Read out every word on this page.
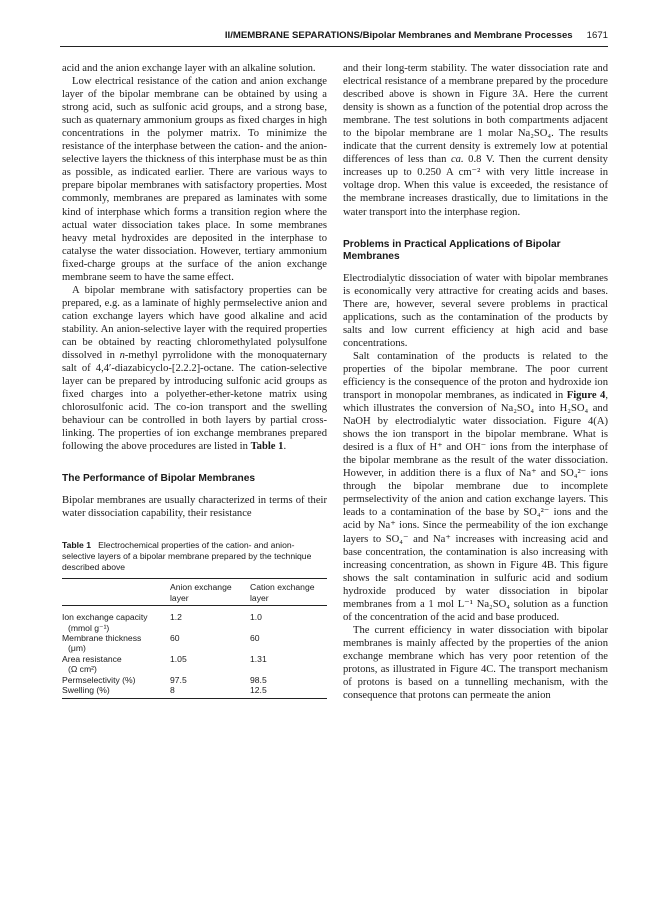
II/MEMBRANE SEPARATIONS/Bipolar Membranes and Membrane Processes 1671

acid and the anion exchange layer with an alkaline solution.

Low electrical resistance of the cation and anion exchange layer of the bipolar membrane can be obtained by using a strong acid, such as sulfonic acid groups, and a strong base, such as quaternary ammonium groups as fixed charges in high concentrations in the polymer matrix. To minimize the resistance of the interphase between the cation- and the anion-selective layers the thickness of this interphase must be as thin as possible, as indicated earlier. There are various ways to prepare bipolar membranes with satisfactory properties. Most commonly, membranes are prepared as laminates with some kind of interphase which forms a transition region where the actual water dissociation takes place. In some membranes heavy metal hydroxides are deposited in the interphase to catalyse the water dissociation. However, tertiary ammonium fixed-charge groups at the surface of the anion exchange membrane seem to have the same effect.

A bipolar membrane with satisfactory properties can be prepared, e.g. as a laminate of highly permselective anion and cation exchange layers which have good alkaline and acid stability. An anion-selective layer with the required properties can be obtained by reacting chloromethylated polysulfone dissolved in n-methyl pyrrolidone with the monoquaternary salt of 4,4′-diazabicyclo-[2.2.2]-octane. The cation-selective layer can be prepared by introducing sulfonic acid groups as fixed charges into a polyether-ether-ketone matrix using chlorosulfonic acid. The co-ion transport and the swelling behaviour can be controlled in both layers by partial cross-linking. The properties of ion exchange membranes prepared following the above procedures are listed in Table 1.

The Performance of Bipolar Membranes

Bipolar membranes are usually characterized in terms of their water dissociation capability, their resistance

Table 1 Electrochemical properties of the cation- and anion-selective layers of a bipolar membrane prepared by the technique described above
	Anion exchange layer	Cation exchange layer
Ion exchange capacity
(mmol g⁻¹)	1.2	1.0
Membrane thickness
(μm)	60	60
Area resistance
(Ω cm²)	1.05	1.31
Permselectivity (%)	97.5	98.5
Swelling (%)	8	12.5

and their long-term stability. The water dissociation rate and electrical resistance of a membrane prepared by the procedure described above is shown in Figure 3A. Here the current density is shown as a function of the potential drop across the membrane. The test solutions in both compartments adjacent to the bipolar membrane are 1 molar Na₂SO₄. The results indicate that the current density is extremely low at potential differences of less than ca. 0.8 V. Then the current density increases up to 0.250 A cm⁻² with very little increase in voltage drop. When this value is exceeded, the resistance of the membrane increases drastically, due to limitations in the water transport into the interphase region.

Problems in Practical Applications of Bipolar Membranes

Electrodialytic dissociation of water with bipolar membranes is economically very attractive for creating acids and bases. There are, however, several severe problems in practical applications, such as the contamination of the products by salts and low current efficiency at high acid and base concentrations.

Salt contamination of the products is related to the properties of the bipolar membrane. The poor current efficiency is the consequence of the proton and hydroxide ion transport in monopolar membranes, as indicated in Figure 4, which illustrates the conversion of Na₂SO₄ into H₂SO₄ and NaOH by electrodialytic water dissociation. Figure 4(A) shows the ion transport in the bipolar membrane. What is desired is a flux of H⁺ and OH⁻ ions from the interphase of the bipolar membrane as the result of the water dissociation. However, in addition there is a flux of Na⁺ and SO₄²⁻ ions through the bipolar membrane due to incomplete permselectivity of the anion and cation exchange layers. This leads to a contamination of the base by SO₄²⁻ ions and the acid by Na⁺ ions. Since the permeability of the ion exchange layers to SO₄⁻ and Na⁺ increases with increasing acid and base concentration, the contamination is also increasing with increasing concentration, as shown in Figure 4B. This figure shows the salt contamination in sulfuric acid and sodium hydroxide produced by water dissociation in bipolar membranes from a 1 mol L⁻¹ Na₂SO₄ solution as a function of the concentration of the acid and base produced.

The current efficiency in water dissociation with bipolar membranes is mainly affected by the properties of the anion exchange membrane which has very poor retention of the protons, as illustrated in Figure 4C. The transport mechanism of protons is based on a tunnelling mechanism, with the consequence that protons can permeate the anion
